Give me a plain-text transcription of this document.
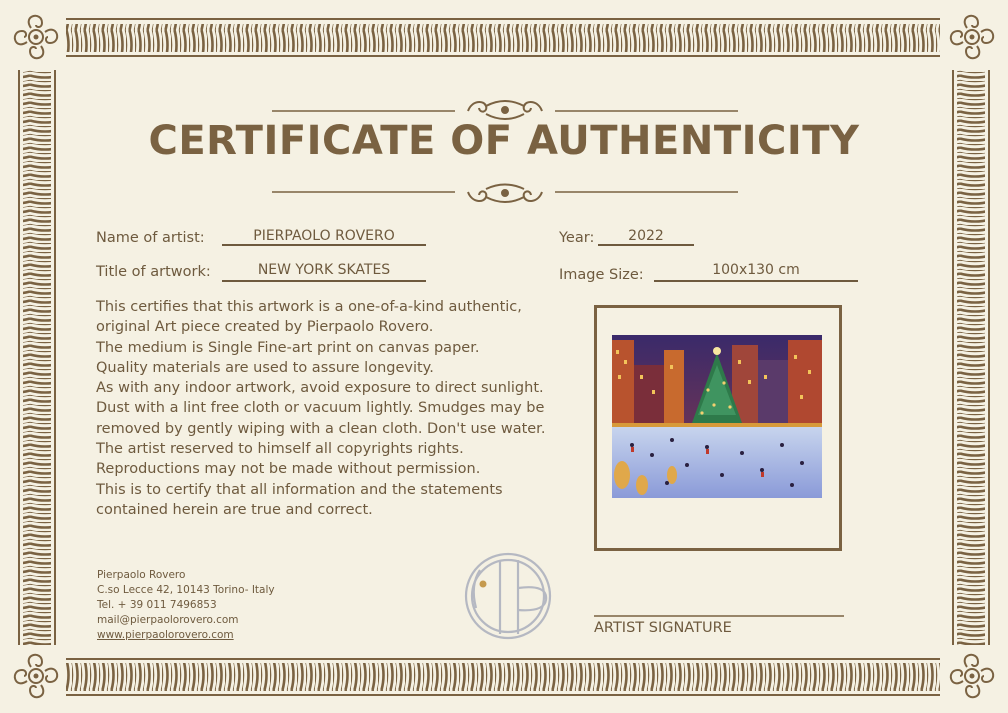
CERTIFICATE OF AUTHENTICITY
Name of artist:	PIERPAOLO ROVERO	Year:	2022
Title of artwork:	NEW YORK SKATES	Image Size:	100x130 cm
This certifies that this artwork is a one-of-a-kind authentic,
original Art piece created by Pierpaolo Rovero.
The medium is Single Fine-art print on canvas paper.
Quality materials are used to assure longevity.
As with any indoor artwork, avoid exposure to direct sunlight.
Dust with a lint free cloth or vacuum lightly. Smudges may be
removed by gently wiping with a clean cloth. Don't use water.
The artist reserved to himself all copyrights rights.
Reproductions may not be made without permission.
This is to certify that all information and the statements
contained herein are true and correct.
Pierpaolo Rovero
C.so Lecce 42, 10143 Torino- Italy
Tel. + 39 011 7496853
mail@pierpaolorovero.com
www.pierpaolorovero.com	ARTIST SIGNATURE
